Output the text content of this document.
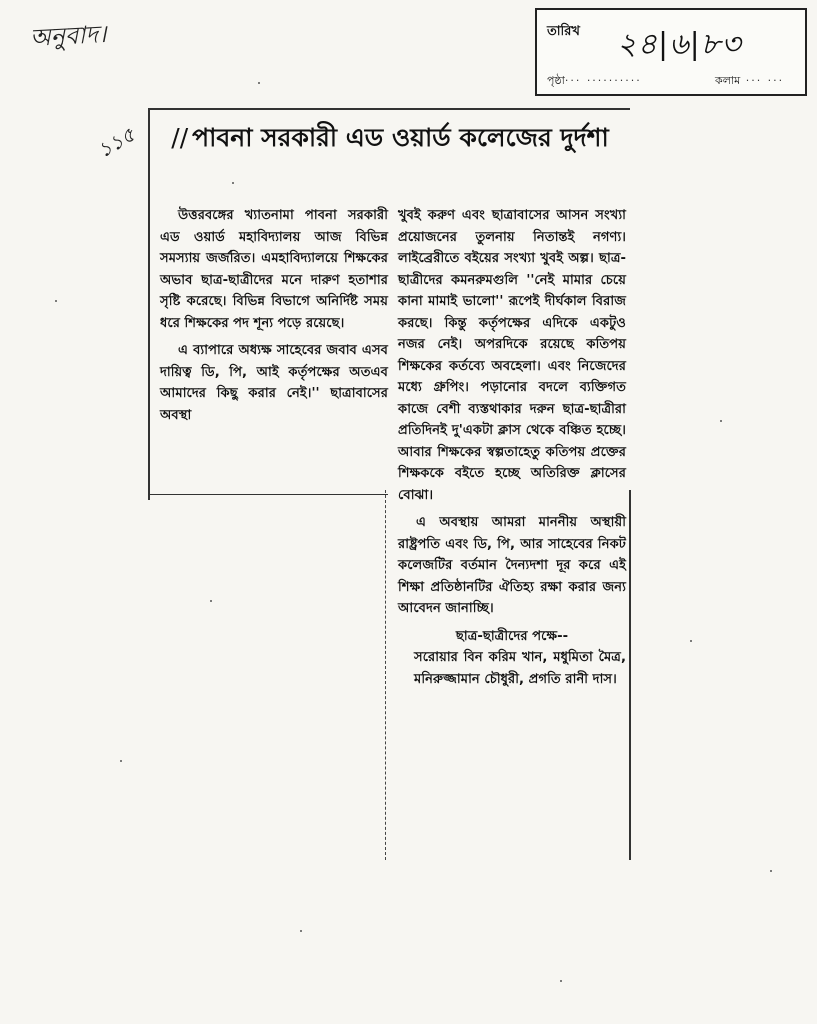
অনুবাদ।
১১৫
তারিখ ২৪|৬|৮৩
পৃষ্ঠা··· ··········	কলাম ··· ···
// পাবনা সরকারী এড ওয়ার্ড কলেজের দুর্দশা

উত্তরবঙ্গের খ্যাতনামা পাবনা সরকারী এড ওয়ার্ড মহাবিদ্যালয় আজ বিভিন্ন সমস্যায় জর্জরিত। এমহাবিদ্যালয়ে শিক্ষকের অভাব ছাত্র-ছাত্রীদের মনে দারুণ হতাশার সৃষ্টি করেছে। বিভিন্ন বিভাগে অনির্দিষ্ট সময় ধরে শিক্ষকের পদ শূন্য পড়ে রয়েছে।

এ ব্যাপারে অধ্যক্ষ সাহেবের জবাব এসব দায়িত্ব ডি, পি, আই কর্তৃপক্ষের অতএব আমাদের কিছু করার নেই।'' ছাত্রাবাসের অবস্থা

খুবই করুণ এবং ছাত্রাবাসের আসন সংখ্যা প্রয়োজনের তুলনায় নিতান্তই নগণ্য। লাইব্রেরীতে বইয়ের সংখ্যা খুবই অল্প। ছাত্র-ছাত্রীদের কমনরুমগুলি ''নেই মামার চেয়ে কানা মামাই ভালো'' রূপেই দীর্ঘকাল বিরাজ করছে। কিন্তু কর্তৃপক্ষের এদিকে একটুও নজর নেই। অপরদিকে রয়েছে কতিপয় শিক্ষকের কর্তব্যে অবহেলা। এবং নিজেদের মধ্যে গ্রুপিং। পড়ানোর বদলে ব্যক্তিগত কাজে বেশী ব্যস্তথাকার দরুন ছাত্র-ছাত্রীরা প্রতিদিনই দু'একটা ক্লাস থেকে বঞ্চিত হচ্ছে। আবার শিক্ষকের স্বল্পতাহেতু কতিপয় প্রক্তের শিক্ষককে বইতে হচ্ছে অতিরিক্ত ক্লাসের বোঝা।

এ অবস্থায় আমরা মাননীয় অস্থায়ী রাষ্ট্রপতি এবং ডি, পি, আর সাহেবের নিকট কলেজটির বর্তমান দৈন্যদশা দূর করে এই শিক্ষা প্রতিষ্ঠানটির ঐতিহ্য রক্ষা করার জন্য আবেদন জানাচ্ছি।

ছাত্র-ছাত্রীদের পক্ষে--
সরোয়ার বিন করিম খান, মধুমিতা মৈত্র, মনিরুজ্জামান চৌধুরী, প্রগতি রানী দাস।
